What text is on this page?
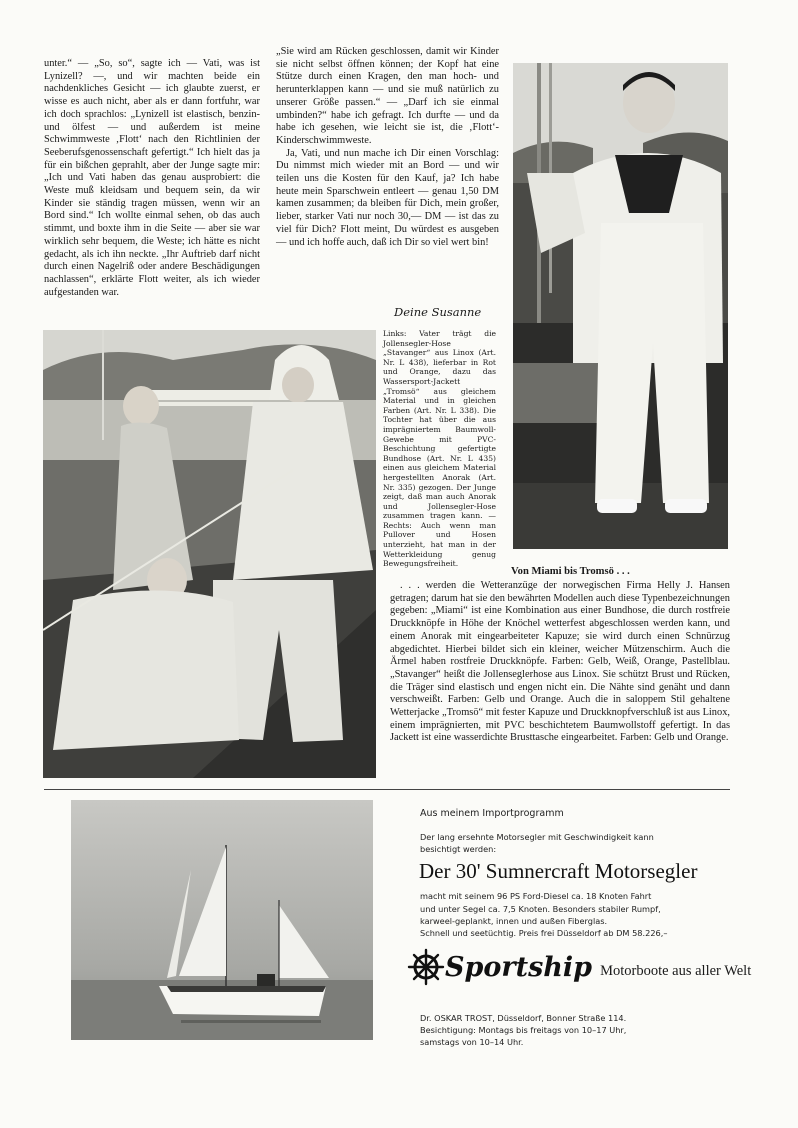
unter.“ — „So, so“, sagte ich — Vati, was ist Lynizell? —, und wir machten beide ein nachdenkliches Gesicht — ich glaubte zuerst, er wisse es auch nicht, aber als er dann fortfuhr, war ich doch sprachlos: „Lynizell ist elastisch, benzin- und ölfest — und außerdem ist meine Schwimmweste ‚Flott‘ nach den Richtlinien der Seeberufsgenossenschaft gefertigt.“ Ich hielt das ja für ein bißchen geprahlt, aber der Junge sagte mir: „Ich und Vati haben das genau ausprobiert: die Weste muß kleidsam und bequem sein, da wir Kinder sie ständig tragen müssen, wenn wir an Bord sind.“ Ich wollte einmal sehen, ob das auch stimmt, und boxte ihm in die Seite — aber sie war wirklich sehr bequem, die Weste; ich hätte es nicht gedacht, als ich ihn neckte. „Ihr Auftrieb darf nicht durch einen Nagelriß oder andere Beschädigungen nachlassen“, erklärte Flott weiter, als ich wieder aufgestanden war.

„Sie wird am Rücken geschlossen, damit wir Kinder sie nicht selbst öffnen können; der Kopf hat eine Stütze durch einen Kragen, den man hoch- und herunterklappen kann — und sie muß natürlich zu unserer Größe passen.“ — „Darf ich sie einmal umbinden?“ habe ich gefragt. Ich durfte — und da habe ich gesehen, wie leicht sie ist, die ‚Flott‘-Kinderschwimmweste.

Ja, Vati, und nun mache ich Dir einen Vorschlag: Du nimmst mich wieder mit an Bord — und wir teilen uns die Kosten für den Kauf, ja? Ich habe heute mein Sparschwein entleert — genau 1,50 DM kamen zusammen; da bleiben für Dich, mein großer, lieber, starker Vati nur noch 30,— DM — ist das zu viel für Dich? Flott meint, Du würdest es ausgeben — und ich hoffe auch, daß ich Dir so viel wert bin!

Deine Susanne
Links: Vater trägt die Jollensegler-Hose „Stavanger“ aus Linox (Art. Nr. L 438), lieferbar in Rot und Orange, dazu das Wassersport-Jackett „Tromsö“ aus gleichem Material und in gleichen Farben (Art. Nr. L 338). Die Tochter hat über die aus imprägniertem Baumwoll-Gewebe mit PVC-Beschichtung gefertigte Bundhose (Art. Nr. L 435) einen aus gleichem Material hergestellten Anorak (Art. Nr. 335) gezogen. Der Junge zeigt, daß man auch Anorak und Jollensegler-Hose zusammen tragen kann. — Rechts: Auch wenn man Pullover und Hosen unterzieht, hat man in der Wetterkleidung genug Bewegungsfreiheit.
Von Miami bis Tromsö . . .

. . . werden die Wetteranzüge der norwegischen Firma Helly J. Hansen getragen; darum hat sie den bewährten Modellen auch diese Typenbezeichnungen gegeben: „Miami“ ist eine Kombination aus einer Bundhose, die durch rostfreie Druckknöpfe in Höhe der Knöchel wetterfest abgeschlossen werden kann, und einem Anorak mit eingearbeiteter Kapuze; sie wird durch einen Schnürzug abgedichtet. Hierbei bildet sich ein kleiner, weicher Mützenschirm. Auch die Ärmel haben rostfreie Druckknöpfe. Farben: Gelb, Weiß, Orange, Pastellblau. „Stavanger“ heißt die Jollenseglerhose aus Linox. Sie schützt Brust und Rücken, die Träger sind elastisch und engen nicht ein. Die Nähte sind genäht und dann verschweißt. Farben: Gelb und Orange. Auch die in saloppem Stil gehaltene Wetterjacke „Tromsö“ mit fester Kapuze und Druckknopfverschluß ist aus Linox, einem imprägnierten, mit PVC beschichtetem Baumwollstoff gefertigt. In das Jackett ist eine wasserdichte Brusttasche eingearbeitet. Farben: Gelb und Orange.

Aus meinem Importprogramm
Der lang ersehnte Motorsegler mit Geschwindigkeit kann
besichtigt werden:
Der 30' Sumnercraft Motorsegler
macht mit seinem 96 PS Ford-Diesel ca. 18 Knoten Fahrt
und unter Segel ca. 7,5 Knoten. Besonders stabiler Rumpf,
karweel-geplankt, innen und außen Fiberglas.
Schnell und seetüchtig. Preis frei Düsseldorf ab DM 58.226,–
Sportship Motorboote aus aller Welt
Dr. OSKAR TROST, Düsseldorf, Bonner Straße 114.
Besichtigung: Montags bis freitags von 10–17 Uhr,
samstags von 10–14 Uhr.
